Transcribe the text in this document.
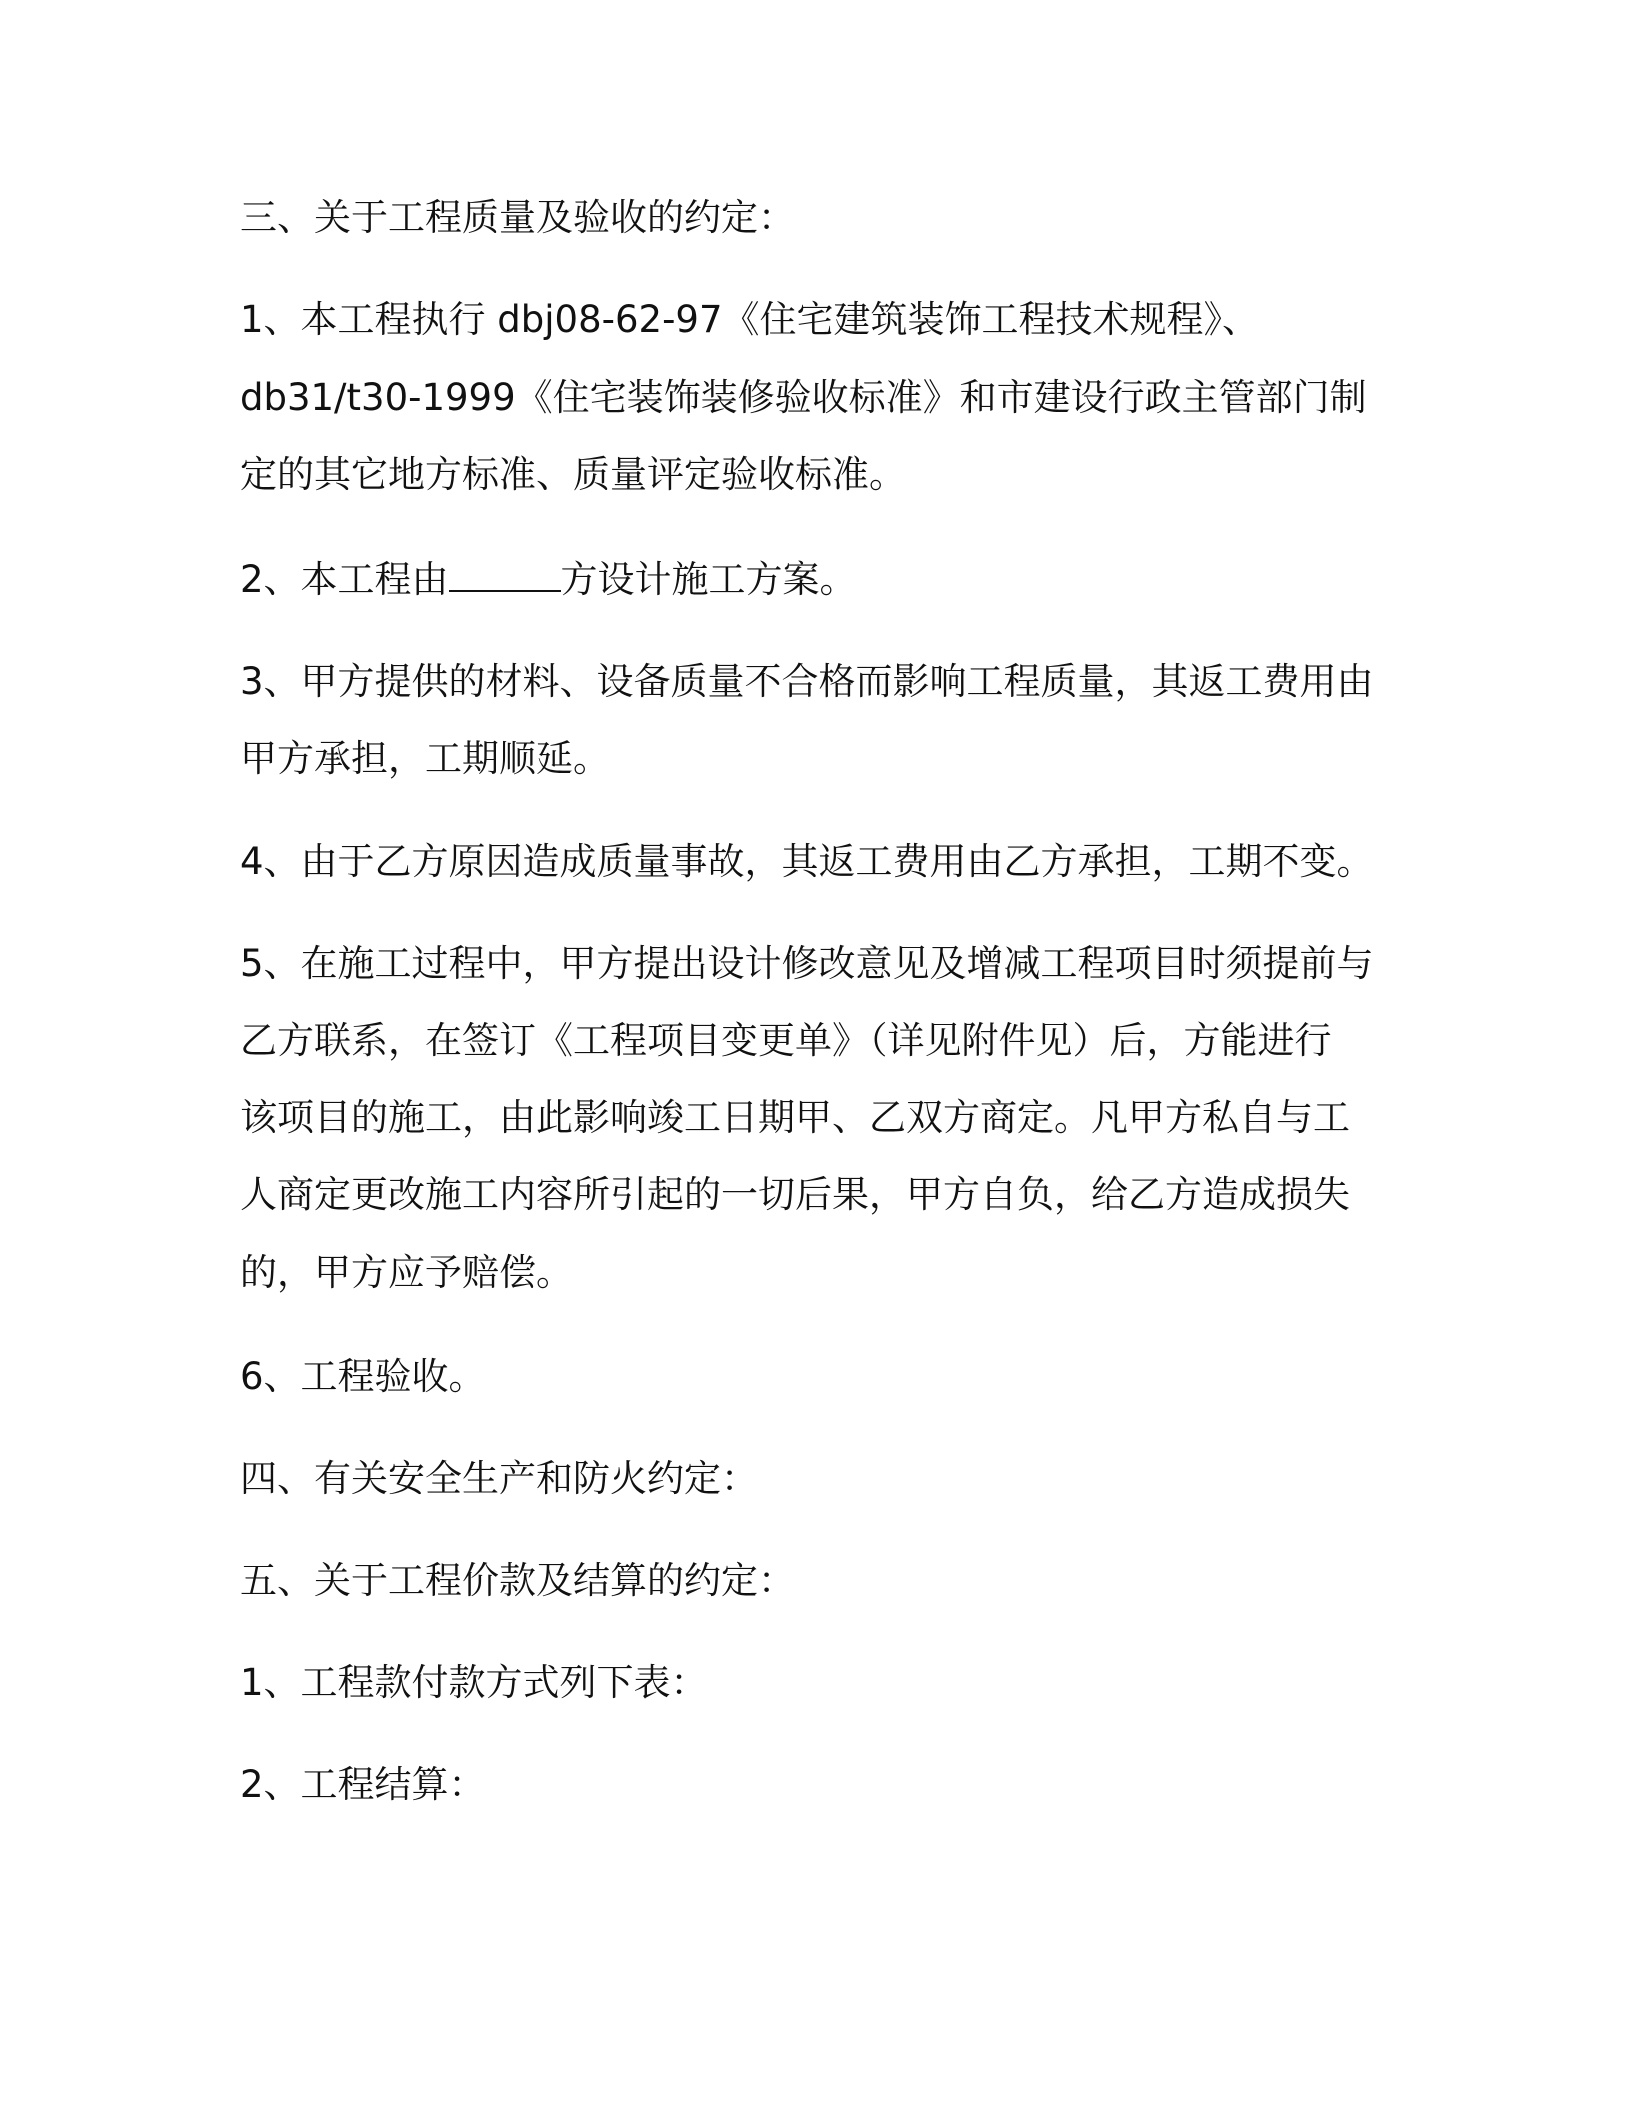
三、关于工程质量及验收的约定：
1、本工程执行 dbj08-62-97《住宅建筑装饰工程技术规程》、
db31/t30-1999《住宅装饰装修验收标准》和市建设行政主管部门制
定的其它地方标准、质量评定验收标准。
2、本工程由	方设计施工方案。
3、甲方提供的材料、设备质量不合格而影响工程质量，其返工费用由
甲方承担，工期顺延。
4、由于乙方原因造成质量事故，其返工费用由乙方承担，工期不变。
5、在施工过程中，甲方提出设计修改意见及增减工程项目时须提前与
乙方联系，在签订《工程项目变更单》（详见附件见）后，方能进行
该项目的施工，由此影响竣工日期甲、乙双方商定。凡甲方私自与工
人商定更改施工内容所引起的一切后果，甲方自负，给乙方造成损失
的，甲方应予赔偿。
6、工程验收。
四、有关安全生产和防火约定：
五、关于工程价款及结算的约定：
1、工程款付款方式列下表：
2、工程结算：
